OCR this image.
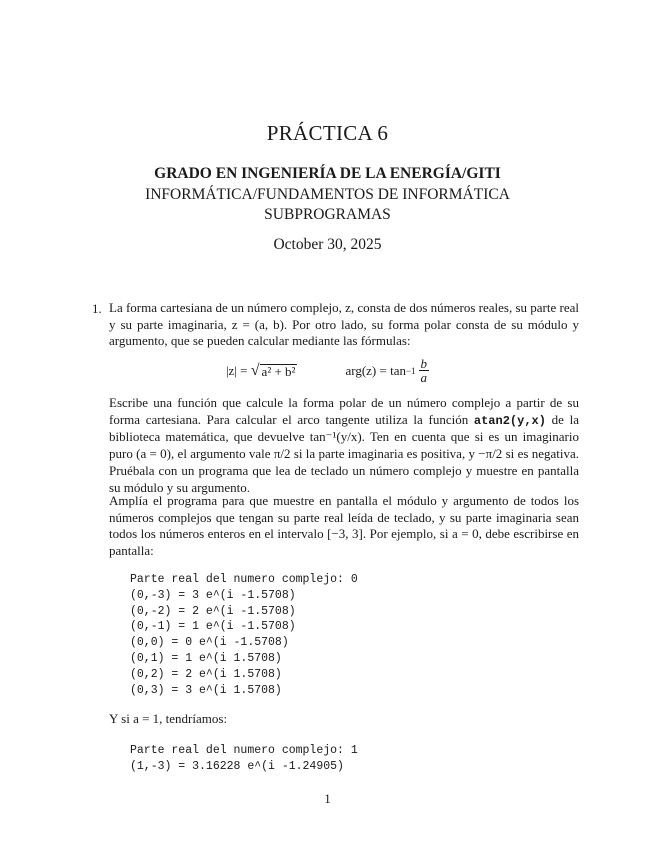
PRÁCTICA 6
GRADO EN INGENIERÍA DE LA ENERGÍA/GITI
INFORMÁTICA/FUNDAMENTOS DE INFORMÁTICA
SUBPROGRAMAS
October 30, 2025
1. La forma cartesiana de un número complejo, z, consta de dos números reales, su parte real y su parte imaginaria, z = (a, b). Por otro lado, su forma polar consta de su módulo y argumento, que se pueden calcular mediante las fórmulas:
|z| =
√ a² + b²	$arg(z) = \tan -1 \frac{b}{a}$
Escribe una función que calcule la forma polar de un número complejo a partir de su forma cartesiana. Para calcular el arco tangente utiliza la función atan2(y,x) de la biblioteca matemática, que devuelve tan⁻¹(y/x). Ten en cuenta que si es un imaginario puro (a = 0), el argumento vale π/2 si la parte imaginaria es positiva, y −π/2 si es negativa. Pruébala con un programa que lea de teclado un número complejo y muestre en pantalla su módulo y su argumento.
Amplía el programa para que muestre en pantalla el módulo y argumento de todos los números complejos que tengan su parte real leída de teclado, y su parte imaginaria sean todos los números enteros en el intervalo [−3, 3]. Por ejemplo, si a = 0, debe escribirse en pantalla:
Parte real del numero complejo: 0
(0,-3) = 3 e^(i -1.5708)
(0,-2) = 2 e^(i -1.5708)
(0,-1) = 1 e^(i -1.5708)
(0,0) = 0 e^(i -1.5708)
(0,1) = 1 e^(i 1.5708)
(0,2) = 2 e^(i 1.5708)
(0,3) = 3 e^(i 1.5708)
Y si a = 1, tendríamos:
Parte real del numero complejo: 1
(1,-3) = 3.16228 e^(i -1.24905)
1
